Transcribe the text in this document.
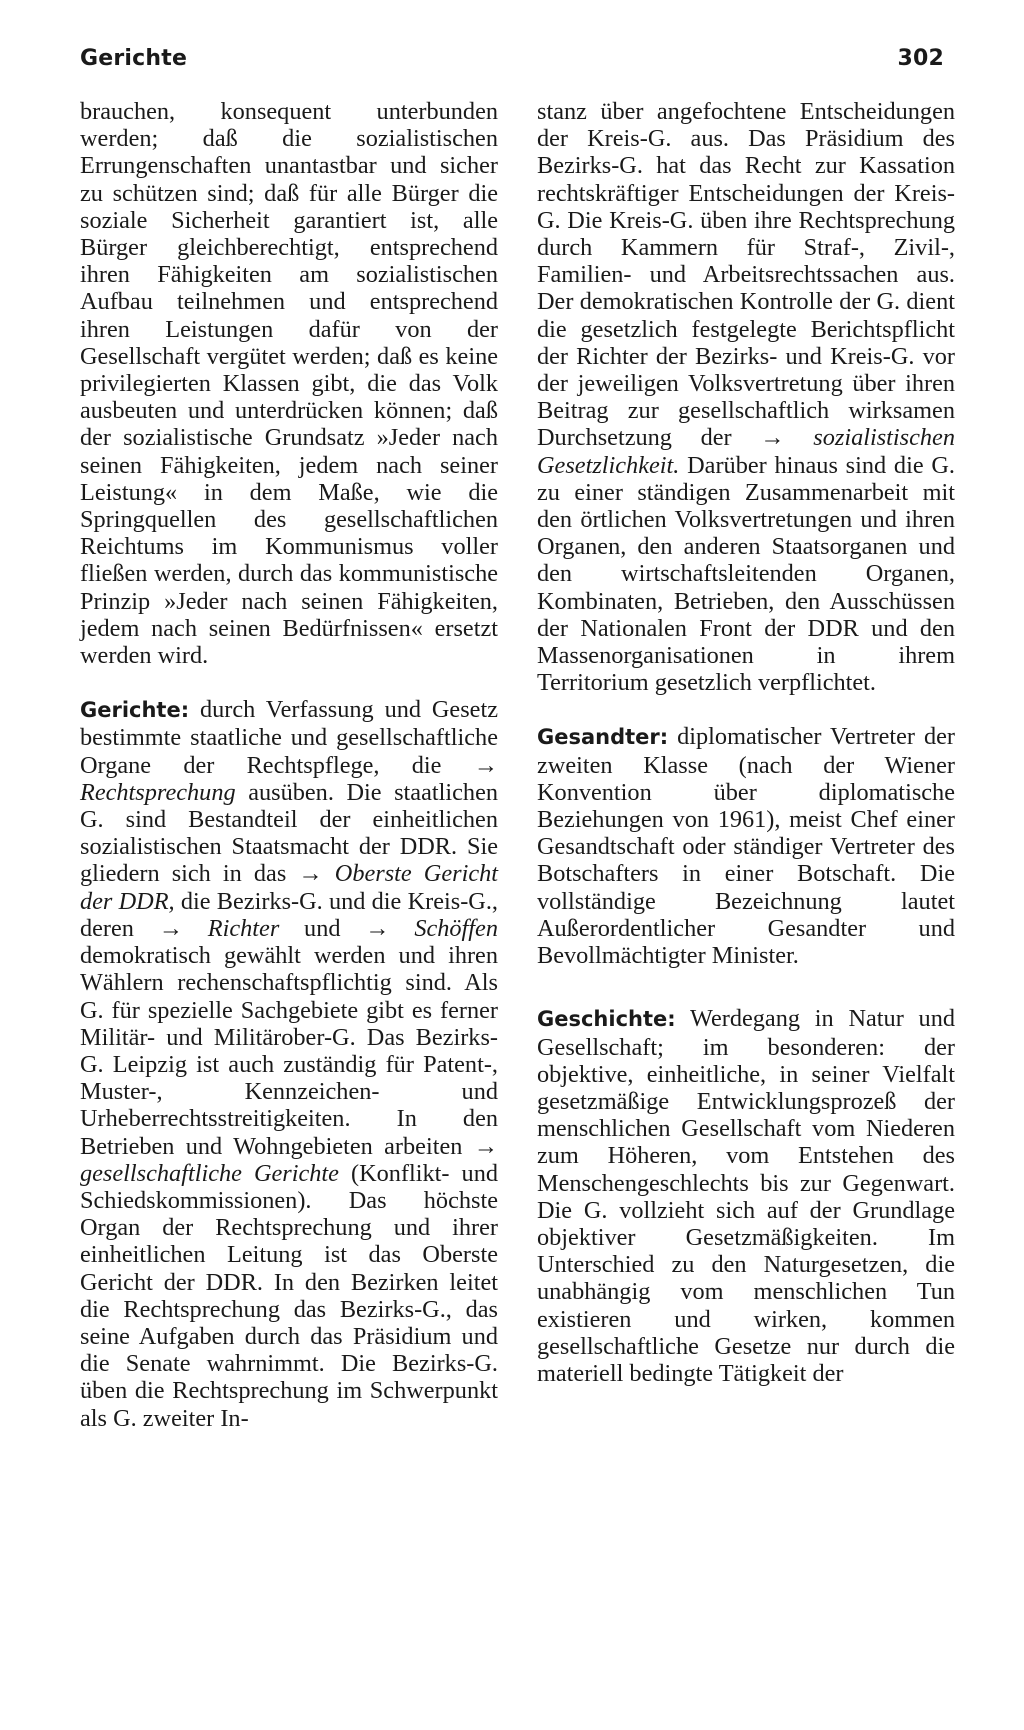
Gerichte	302

brauchen, konsequent unterbunden werden; daß die sozialistischen Errungenschaften unantastbar und sicher zu schützen sind; daß für alle Bürger die soziale Sicherheit garantiert ist, alle Bürger gleichberechtigt, entsprechend ihren Fähigkeiten am sozialistischen Aufbau teilnehmen und entsprechend ihren Leistungen dafür von der Gesellschaft vergütet werden; daß es keine privilegierten Klassen gibt, die das Volk ausbeuten und unterdrücken können; daß der sozialistische Grundsatz »Jeder nach seinen Fähigkeiten, jedem nach seiner Leistung« in dem Maße, wie die Springquellen des gesellschaftlichen Reichtums im Kommunismus voller fließen werden, durch das kommunistische Prinzip »Jeder nach seinen Fähigkeiten, jedem nach seinen Bedürfnissen« ersetzt werden wird.

Gerichte: durch Verfassung und Gesetz bestimmte staatliche und gesellschaftliche Organe der Rechtspflege, die → Rechtsprechung ausüben. Die staatlichen G. sind Bestandteil der einheitlichen sozialistischen Staatsmacht der DDR. Sie gliedern sich in das → Oberste Gericht der DDR, die Bezirks-G. und die Kreis-G., deren → Richter und → Schöffen demokratisch gewählt werden und ihren Wählern rechenschaftspflichtig sind. Als G. für spezielle Sachgebiete gibt es ferner Militär- und Militärober-G. Das Bezirks-G. Leipzig ist auch zuständig für Patent-, Muster-, Kennzeichen- und Urheberrechtsstreitigkeiten. In den Betrieben und Wohngebieten arbeiten → gesellschaftliche Gerichte (Konflikt- und Schiedskommissionen). Das höchste Organ der Rechtsprechung und ihrer einheitlichen Leitung ist das Oberste Gericht der DDR. In den Bezirken leitet die Rechtsprechung das Bezirks-G., das seine Aufgaben durch das Präsidium und die Senate wahrnimmt. Die Bezirks-G. üben die Rechtsprechung im Schwerpunkt als G. zweiter In-

stanz über angefochtene Entscheidungen der Kreis-G. aus. Das Präsidium des Bezirks-G. hat das Recht zur Kassation rechtskräftiger Entscheidungen der Kreis-G. Die Kreis-G. üben ihre Rechtsprechung durch Kammern für Straf-, Zivil-, Familien- und Arbeitsrechtssachen aus. Der demokratischen Kontrolle der G. dient die gesetzlich festgelegte Berichtspflicht der Richter der Bezirks- und Kreis-G. vor der jeweiligen Volksvertretung über ihren Beitrag zur gesellschaftlich wirksamen Durchsetzung der → sozialistischen Gesetzlichkeit. Darüber hinaus sind die G. zu einer ständigen Zusammenarbeit mit den örtlichen Volksvertretungen und ihren Organen, den anderen Staatsorganen und den wirtschaftsleitenden Organen, Kombinaten, Betrieben, den Ausschüssen der Nationalen Front der DDR und den Massenorganisationen in ihrem Territorium gesetzlich verpflichtet.

Gesandter: diplomatischer Vertreter der zweiten Klasse (nach der Wiener Konvention über diplomatische Beziehungen von 1961), meist Chef einer Gesandtschaft oder ständiger Vertreter des Botschafters in einer Botschaft. Die vollständige Bezeichnung lautet Außerordentlicher Gesandter und Bevollmächtigter Minister.

Geschichte: Werdegang in Natur und Gesellschaft; im besonderen: der objektive, einheitliche, in seiner Vielfalt gesetzmäßige Entwicklungsprozeß der menschlichen Gesellschaft vom Niederen zum Höheren, vom Entstehen des Menschengeschlechts bis zur Gegenwart. Die G. vollzieht sich auf der Grundlage objektiver Gesetzmäßigkeiten. Im Unterschied zu den Naturgesetzen, die unabhängig vom menschlichen Tun existieren und wirken, kommen gesellschaftliche Gesetze nur durch die materiell bedingte Tätigkeit der
